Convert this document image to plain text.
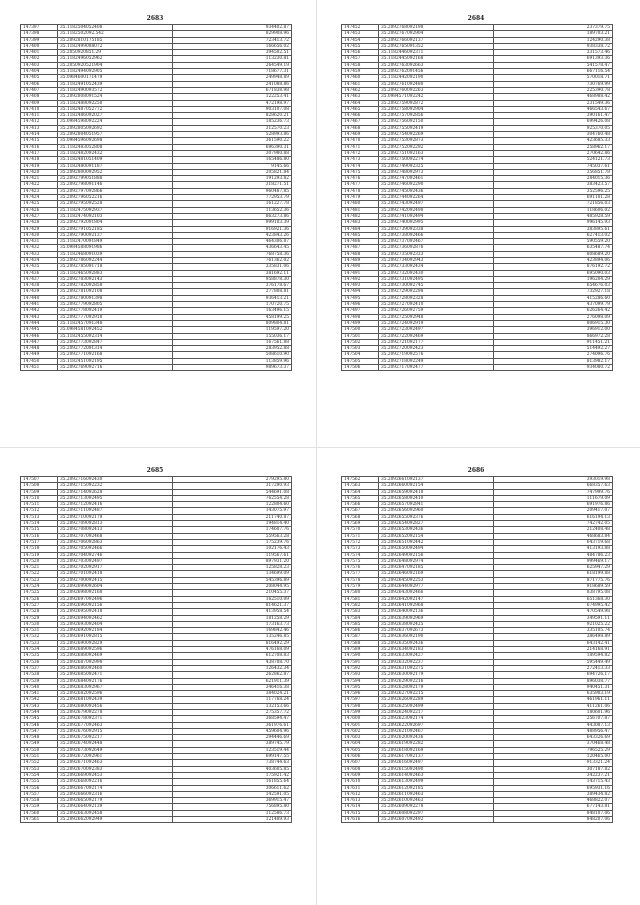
2683
147397	35.1182504052408	934402.87
147398	35.1182502092.542	829908.96
147399	35.2092810175185	723413.72
147400	35.1182499088072	166656.02
147401	35.2050920851.29	394502.51
147402	35.1182496052962	113230.81
147403	35.2050920521904	264549.19
147404	35.1182494092905	718677.31
147405	35.0984600171479	249948.89
147406	35.1182491052439	241088.86
147407	35.1182490093572	671838.98
147408	35.2092808091524	122253.41
147409	35.1182488092250	472198.97
147410	35.1182487052772	903107.08
147411	35.1182486092027	828620.21
147412	35.0984598092224	185236.73
147413	35.2092805092692	312570.23
147414	35.2092804051957	528993.86
147415	35.0984596092698	361590.22
147416	35.1182483052808	696390.31
147417	35.1182482092432	307980.88
147418	35.1182481051409	165486.80
147419	35.1182480091187	9145.66
147420	35.2092800092952	205821.84
147421	35.2092799051888	191293.82
147422	35.2092798091146	318271.51
147423	35.2092797092866	960487.85
147424	35.2092796052216	772953.79
147425	35.2092795092528	161227.78
147426	35.1182475092937	113652.36
147427	35.1182474092103	863273.86
147428	35.2092792091804	999103.39
147429	35.2092791052185	916921.36
147430	35.2092790092137	423843.26
147431	35.1182470091849	464306.87
147432	35.0984588091986	436643.45
147433	35.1182468091039	768758.36
147434	35.2092786092244	761362.02
147435	35.2092785091718	335831.06
147436	35.1182465092883	381692.11
147437	35.2092783092143	958878.30
147438	35.2092782092858	376178.67
147439	35.2092781092108	277808.81
147440	35.2092780091398	936413.21
147441	35.2092779092805	170720.75
147442	35.2092778092419	163496.15
147443	35.2092777092918	458199.25
147444	35.1182457091348	809804.81
147445	35.0984581092452	119597.20
147446	35.1182455092314	155036.17
147447	35.2092773092847	167561.88
147448	35.2092772091314	283952.88
147449	35.2092771092168	508610.90
147450	35.1182451092195	113859.96
147451	35.2092769092716	989673.37
2684
147452	35.2092768092198	237379.75
147453	35.2092767092904	189703.21
147454	35.2092766092137	124290.38
147455	35.2092765091352	938338.72
147456	35.1182446092371	331573.46
147457	35.1182445092168	691393.36
147458	35.2092763092663	541578.47
147459	35.2092762091456	667116.54
147460	35.1182442092190	570018.71
147461	35.2092761092480	730769.99
147462	35.2092760092263	225390.78
147463	35.0984571092242	468988.42
147464	35.2092759092872	231549.36
147465	35.2092758092904	466543.67
147466	35.2092757092856	390161.47
147467	35.2092756092150	699426.08
147468	35.2092755092419	925370.05
147469	35.2092754092269	304760.48
147470	35.2092753092873	423685.33
147471	35.2092752092292	258962.17
147472	35.2092751092163	270642.86
147473	35.2092750092274	524121.73
147474	35.2092749092325	745037.61
147475	35.2092748092973	356851.78
147476	35.2092747092461	284015.36
147477	35.2092746092290	383423.57
147478	35.2092745092436	352596.25
147479	35.2092744092264	691101.28
147480	35.2092743092497	721856.03
147481	35.2092742092490	118606.02
147482	35.2092741092494	485928.59
147483	35.2092740092995	996145.93
147484	35.2092739092338	383895.61
147485	35.2092738092466	627413.02
147486	35.2092737092467	590559.20
147487	35.2092736092876	635487.74
147488	35.2092735092333	808689.20
147489	35.2092734092943	423894.06
147490	35.2092733092434	876192.72
147491	35.2092732092430	695090.03
147492	35.2092731092495	196204.29
147493	35.2092730092745	654676.03
147494	35.2092729092298	732927.18
147495	35.2092728092328	415286.60
147496	35.2092727092410	437099.79
147497	35.2092726092759	626264.42
147498	35.2092725092948	276098.09
147499	35.2092724092919	806915.30
147500	35.2092723092497	396912.00
147501	35.2092722092469	866972.28
147502	35.2092721092177	911451.21
147503	35.2092720092423	514492.27
147504	35.2092719092576	274096.76
147505	35.2092718092249	813982.17
147506	35.2092717092477	934080.72
2685
147507	35.2092716092430	279295.80
147508	35.2092715092232	317290.93
147509	35.2092714092628	544691.08
147510	35.2092713092495	762554.28
147511	35.2092712092416	122804.60
147512	35.2092711092487	143075.97
147513	35.2092710092179	211740.87
147514	35.2092709092813	194814.40
147515	35.2092708092413	174607.76
147516	35.2092707092468	559563.28
147517	35.2092706092863	175239.76
147518	35.2092705092466	102176.43
147519	35.2092704092746	119567.61
147520	35.2092703092497	897931.20
147521	35.2092702092917	125828.23
147522	35.2092701092418	134699.09
147523	35.2092700092415	545396.89
147524	35.2092699092604	208044.95
147525	35.2092698092168	210455.37
147526	35.2092697092496	162510.09
147527	35.2092696092156	814621.37
147528	35.2092695092418	413958.54
147529	35.2092694092462	181258.29
147530	35.2092693092404	173163.73
147531	35.2092692092184	169842.46
147532	35.2092691092815	135246.85
147533	35.2092690092829	816492.29
147534	35.2092689092596	476168.09
147535	35.2092688092469	612708.83
147536	35.2092687092998	438708.70
147537	35.2092686092460	126432.34
147538	35.2092685092471	262862.87
147539	35.2092684092176	621911.39
147540	35.2092683092967	346416.38
147541	35.2092682092596	384024.21
147542	35.2092681092439	117768.24
147543	35.2092680092456	132153.66
147544	35.2092679092278	275357.72
147545	35.2092678092371	368594.47
147546	35.2092677092463	361976.61
147547	35.2092676092915	459604.96
147548	35.2092675092217	294446.69
147549	35.2092674092448	389745.79
147550	35.2092673092649	123519.44
147551	35.2092672092961	699147.55
147552	35.2092671092463	738744.63
147553	35.2092670092383	403605.85
147554	35.2092669092453	175921.42
147555	35.2092668092216	161855.64
147556	35.2092667092174	306611.62
147557	35.2092666092316	142591.05
147558	35.2092665092179	369915.47
147559	35.2092664092139	756895.80
147560	35.2092663092458	112586.73
147561	35.2092662092949	121489.93
2686
147562	35.2092661092137	393019.98
147563	35.2092660092154	668357.63
147564	35.2092659092418	747999.76
147565	35.2092658092410	111679.09
147566	35.2092657092841	691976.86
147567	35.2092656092960	209417.07
147568	35.2092655092376	616194.13
147569	35.2092654092827	742742.05
147570	35.2092653092436	212408.48
147571	35.2092652092154	468683.84
147572	35.2092651092442	643719.68
147573	35.2092650092494	413193.88
147574	35.2092649092156	484786.23
147575	35.2092648092974	999469.17
147576	35.2092647092185	625947.29
147577	35.2092646092169	618199.88
147578	35.2092645092253	871775.76
147579	35.2092644092977	918689.59
147580	35.2092643092466	838795.08
147581	35.2092642092147	651368.30
147582	35.2092641092968	674995.42
147583	35.2092640092136	470549.98
147584	35.2092639092969	349591.11
147585	35.2092638092425	921025.22
147586	35.2092637092673	335105.74
147587	35.2092636092190	386498.89
147588	35.2092635092436	643142.41
147589	35.2092634092183	214168.91
147590	35.2092633092427	189594.82
147591	35.2092632092237	595449.49
147592	35.2092631092275	272413.33
147593	35.2092630092179	694726.17
147594	35.2092629092216	896038.77
147595	35.2092628092179	940451.31
147596	35.2092627092215	635903.19
147597	35.2092626092289	461961.11
147598	35.2092625092499	411261.06
147599	35.2092624092217	180601.96
147600	35.2092623092174	256707.87
147601	35.2092622092697	443087.13
147602	35.2092621092467	488956.47
147603	35.2092620092436	643326.69
147604	35.2092619092282	370468.48
147605	35.2092618092169	796525.29
147606	35.2092617092137	120465.00
147607	35.2092616092497	913321.24
147608	35.2092615092490	307187.82
147609	35.2092614092463	342237.21
147610	35.2092613092499	143715.43
147611	35.2092612092185	695931.16
147612	35.2092611092463	389434.82
147613	35.2092610092463	468822.07
147614	35.2092609092278	677143.81
147615	35.2092608092297	848107.06
147616	35.2092607092492	848207.06
